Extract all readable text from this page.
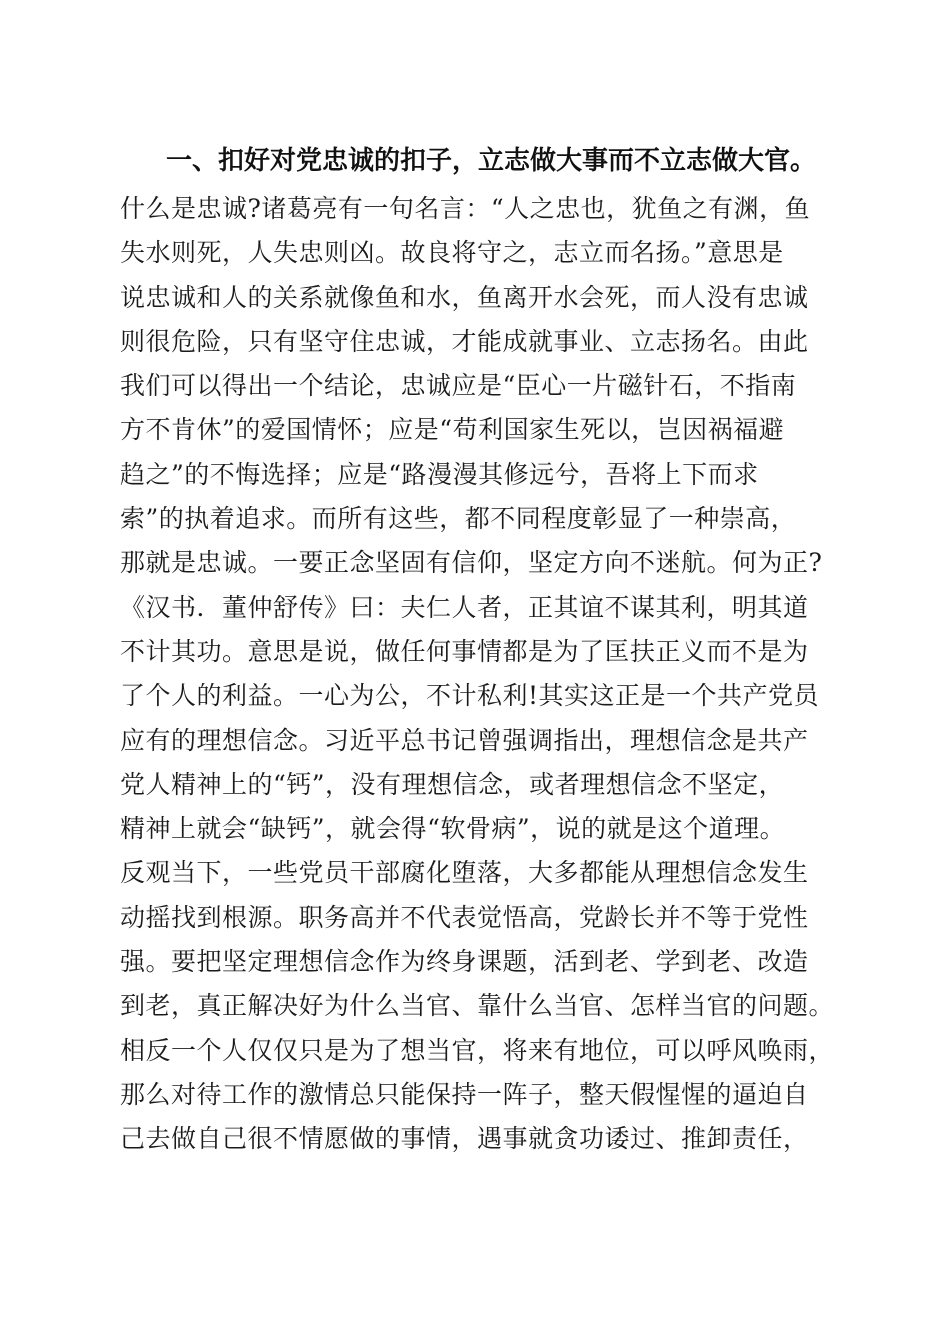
一、扣好对党忠诚的扣子，立志做大事而不立志做大官。
什么是忠诚?诸葛亮有一句名言：“人之忠也，犹鱼之有渊，鱼
失水则死，人失忠则凶。故良将守之，志立而名扬。”意思是
说忠诚和人的关系就像鱼和水，鱼离开水会死，而人没有忠诚
则很危险，只有坚守住忠诚，才能成就事业、立志扬名。由此
我们可以得出一个结论，忠诚应是“臣心一片磁针石，不指南
方不肯休”的爱国情怀；应是“苟利国家生死以，岂因祸福避
趋之”的不悔选择；应是“路漫漫其修远兮，吾将上下而求
索”的执着追求。而所有这些，都不同程度彰显了一种崇高，
那就是忠诚。一要正念坚固有信仰，坚定方向不迷航。何为正?
《汉书．董仲舒传》曰：夫仁人者，正其谊不谋其利，明其道
不计其功。意思是说，做任何事情都是为了匡扶正义而不是为
了个人的利益。一心为公，不计私利!其实这正是一个共产党员
应有的理想信念。习近平总书记曾强调指出，理想信念是共产
党人精神上的“钙”，没有理想信念，或者理想信念不坚定，
精神上就会“缺钙”，就会得“软骨病”，说的就是这个道理。
反观当下，一些党员干部腐化堕落，大多都能从理想信念发生
动摇找到根源。职务高并不代表觉悟高，党龄长并不等于党性
强。要把坚定理想信念作为终身课题，活到老、学到老、改造
到老，真正解决好为什么当官、靠什么当官、怎样当官的问题。
相反一个人仅仅只是为了想当官，将来有地位，可以呼风唤雨，
那么对待工作的激情总只能保持一阵子，整天假惺惺的逼迫自
己去做自己很不情愿做的事情，遇事就贪功诿过、推卸责任，
